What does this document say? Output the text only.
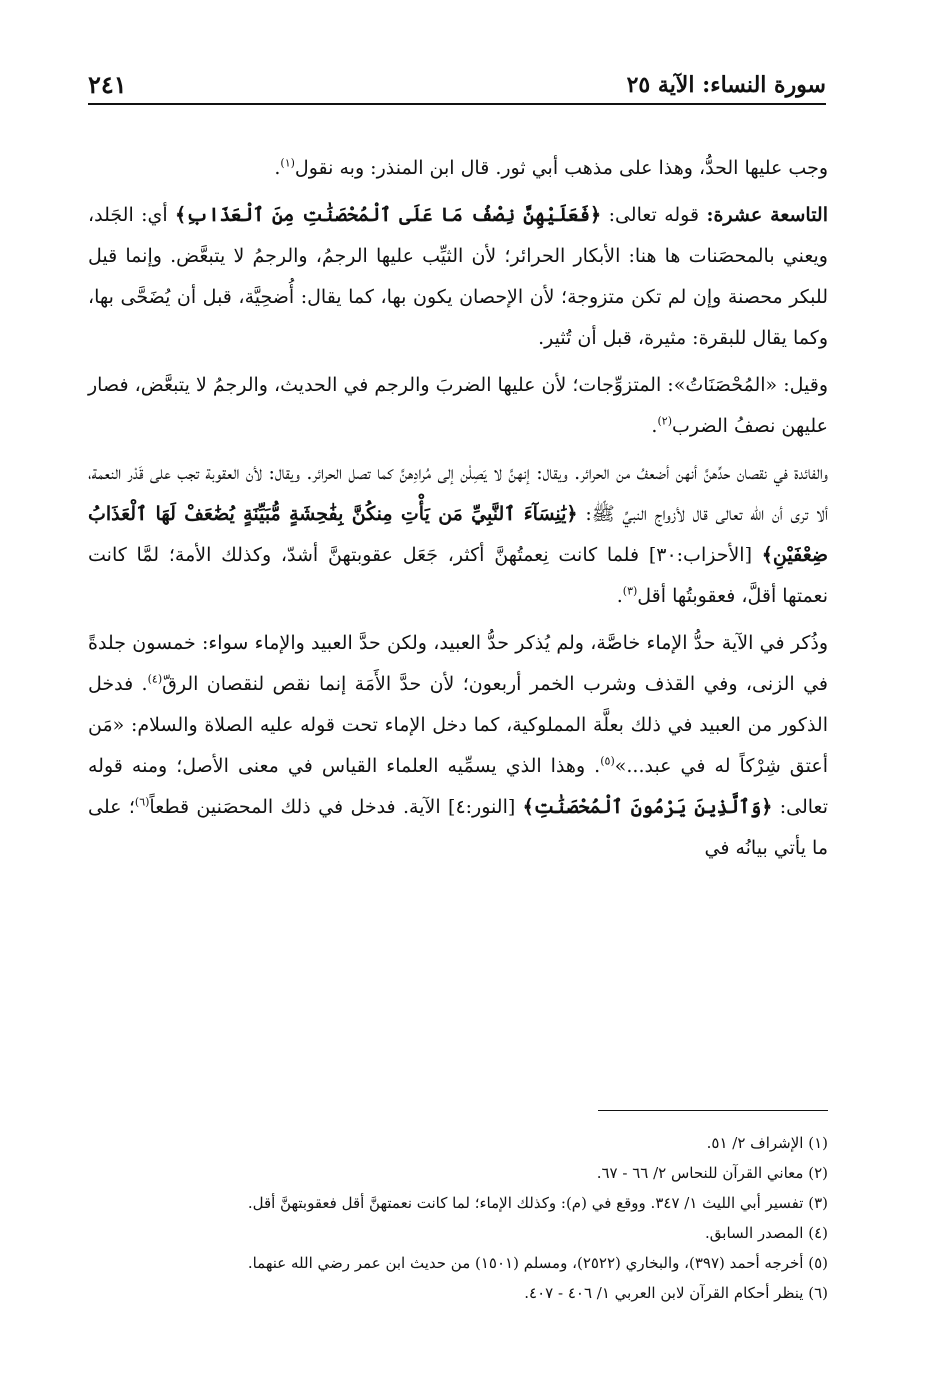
سورة النساء: الآية ٢٥
٢٤١

وجب عليها الحدُّ، وهذا على مذهب أبي ثور. قال ابن المنذر: وبه نقول$^{(١)}$.

التاسعة عشرة: قوله تعالى: ﴿فَعَلَيْهِنَّ نِصْفُ مَا عَلَى ٱلْمُحْصَنَٰتِ مِنَ ٱلْعَذَابِ﴾ أي: الجَلد، ويعني بالمحصَنات ها هنا: الأبكار الحرائر؛ لأن الثيِّب عليها الرجمُ، والرجمُ لا يتبعَّض. وإنما قيل للبكر محصنة وإن لم تكن متزوجة؛ لأن الإحصان يكون بها، كما يقال: أُضحِيَّة، قبل أن يُضَحَّى بها، وكما يقال للبقرة: مثيرة، قبل أن تُثير.

وقيل: «المُحْصَنَاتُ»: المتزوِّجات؛ لأن عليها الضربَ والرجم في الحديث، والرجمُ لا يتبعَّض، فصار عليهن نصفُ الضرب$^{(٢)}$.

والفائدة في نقصان حدِّهنَّ أنهن أضعفُ من الحرائر. ويقال: إنهنَّ لا يَصِلْن إلى مُرادِهنَّ كما تصل الحرائر. ويقال: لأن العقوبة تجب على قَدْر النعمة، ألا ترى أن الله تعالى قال لأزواج النبيِّ ﷺ: ﴿يَٰنِسَآءَ ٱلنَّبِيِّ مَن يَأْتِ مِنكُنَّ بِفَٰحِشَةٍ مُّبَيِّنَةٍ يُضَٰعَفْ لَهَا ٱلْعَذَابُ ضِعْفَيْنِ﴾ [الأحزاب:٣٠] فلما كانت نِعمتُهنَّ أكثر، جَعَل عقوبتهنَّ أشدّ، وكذلك الأمة؛ لمَّا كانت نعمتها أقلَّ، فعقوبتُها أقل$^{(٣)}$.

وذُكر في الآية حدُّ الإماء خاصَّة، ولم يُذكر حدُّ العبيد، ولكن حدَّ العبيد والإماء سواء: خمسون جلدةً في الزنى، وفي القذف وشرب الخمر أربعون؛ لأن حدَّ الأَمَة إنما نقص لنقصان الرقّ$^{(٤)}$. فدخل الذكور من العبيد في ذلك بعلَّة المملوكية، كما دخل الإماء تحت قوله عليه الصلاة والسلام: «مَن أعتق شِرْكاً له في عبد...»$^{(٥)}$. وهذا الذي يسمِّيه العلماء القياس في معنى الأصل؛ ومنه قوله تعالى: ﴿وَٱلَّذِينَ يَرْمُونَ ٱلْمُحْصَنَٰتِ﴾ [النور:٤] الآية. فدخل في ذلك المحصَنين قطعاً$^{(٦)}$؛ على ما يأتي بيانُه في

(١) الإشراف ٢/ ٥١.

(٢) معاني القرآن للنحاس ٢/ ٦٦ - ٦٧.

(٣) تفسير أبي الليث ١/ ٣٤٧. ووقع في (م): وكذلك الإماء؛ لما كانت نعمتهنَّ أقل فعقوبتهنَّ أقل.

(٤) المصدر السابق.

(٥) أخرجه أحمد (٣٩٧)، والبخاري (٢٥٢٢)، ومسلم (١٥٠١) من حديث ابن عمر رضي الله عنهما.

(٦) ينظر أحكام القرآن لابن العربي ١/ ٤٠٦ - ٤٠٧.
